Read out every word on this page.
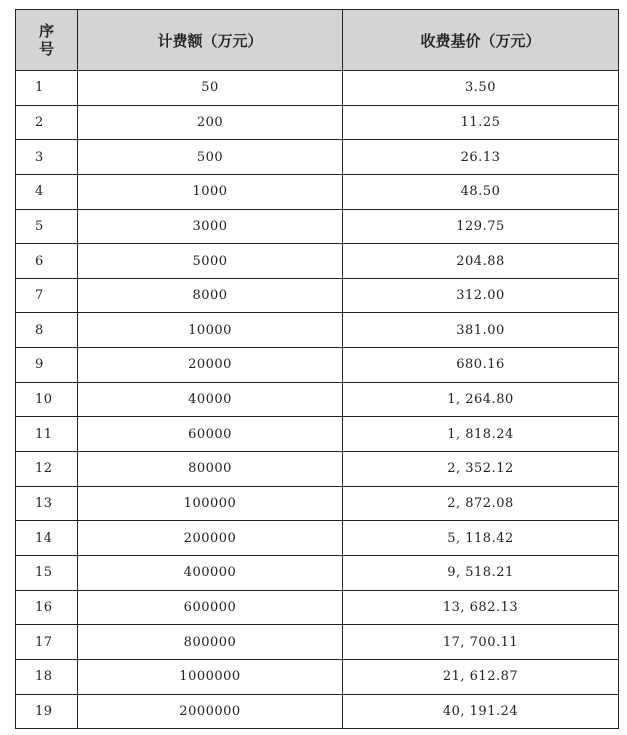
序
号	计费额（万元）	收费基价（万元）
1	50	3.50
2	200	11.25
3	500	26.13
4	1000	48.50
5	3000	129.75
6	5000	204.88
7	8000	312.00
8	10000	381.00
9	20000	680.16
10	40000	1, 264.80
11	60000	1, 818.24
12	80000	2, 352.12
13	100000	2, 872.08
14	200000	5, 118.42
15	400000	9, 518.21
16	600000	13, 682.13
17	800000	17, 700.11
18	1000000	21, 612.87
19	2000000	40, 191.24
